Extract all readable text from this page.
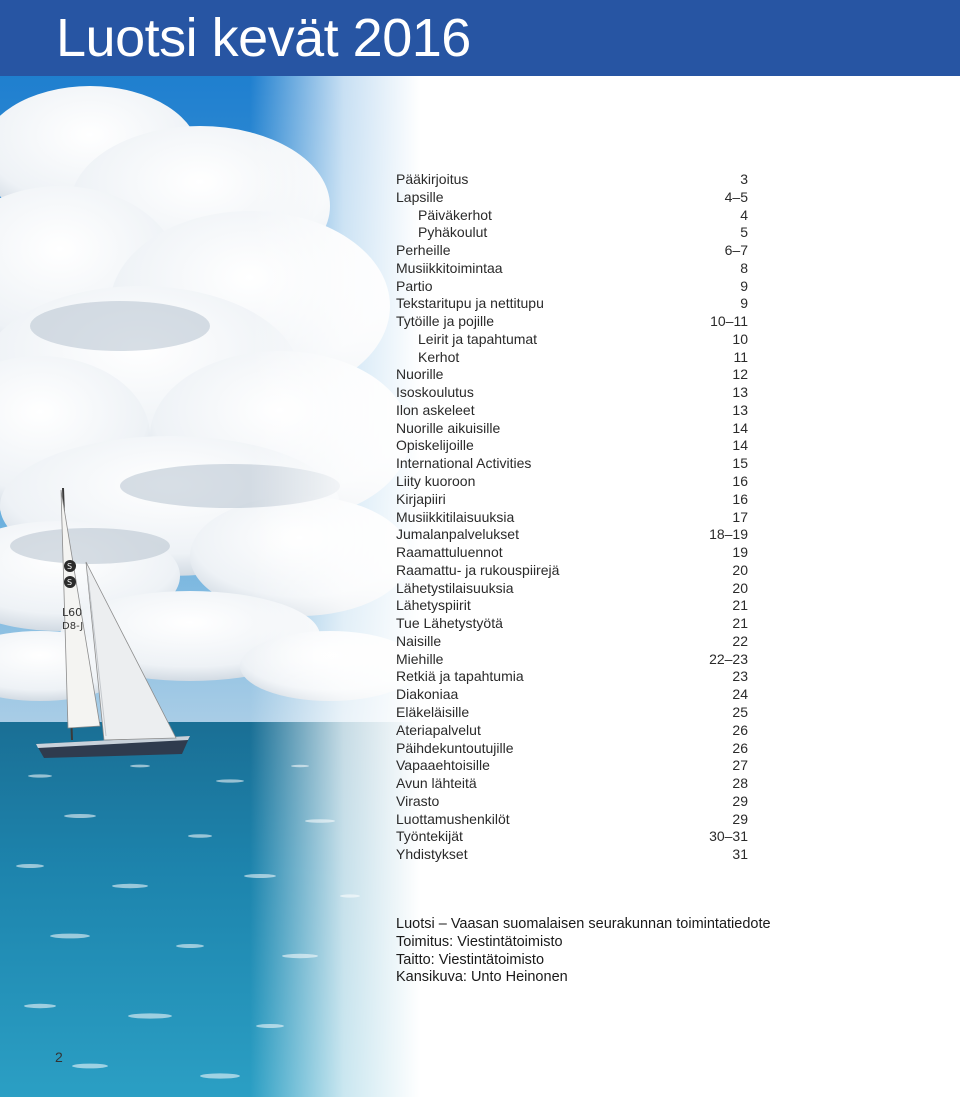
Luotsi kevät 2016
S
S
L60
D8-J
Pääkirjoitus	3
Lapsille	4–5
Päiväkerhot	4
Pyhäkoulut	5
Perheille	6–7
Musiikkitoimintaa	8
Partio	9
Tekstaritupu ja nettitupu	9
Tytöille ja pojille	10–11
Leirit ja tapahtumat	10
Kerhot	11
Nuorille	12
Isoskoulutus	13
Ilon askeleet	13
Nuorille aikuisille	14
Opiskelijoille	14
International Activities	15
Liity kuoroon	16
Kirjapiiri	16
Musiikkitilaisuuksia	17
Jumalanpalvelukset	18–19
Raamattuluennot	19
Raamattu- ja rukouspiirejä	20
Lähetystilaisuuksia	20
Lähetyspiirit	21
Tue Lähetystyötä	21
Naisille	22
Miehille	22–23
Retkiä ja tapahtumia	23
Diakoniaa	24
Eläkeläisille	25
Ateriapalvelut	26
Päihdekuntoutujille	26
Vapaaehtoisille	27
Avun lähteitä	28
Virasto	29
Luottamushenkilöt	29
Työntekijät	30–31
Yhdistykset	31
Luotsi – Vaasan suomalaisen seurakunnan toimintatiedote
Toimitus: Viestintätoimisto
Taitto: Viestintätoimisto
Kansikuva: Unto Heinonen
2
